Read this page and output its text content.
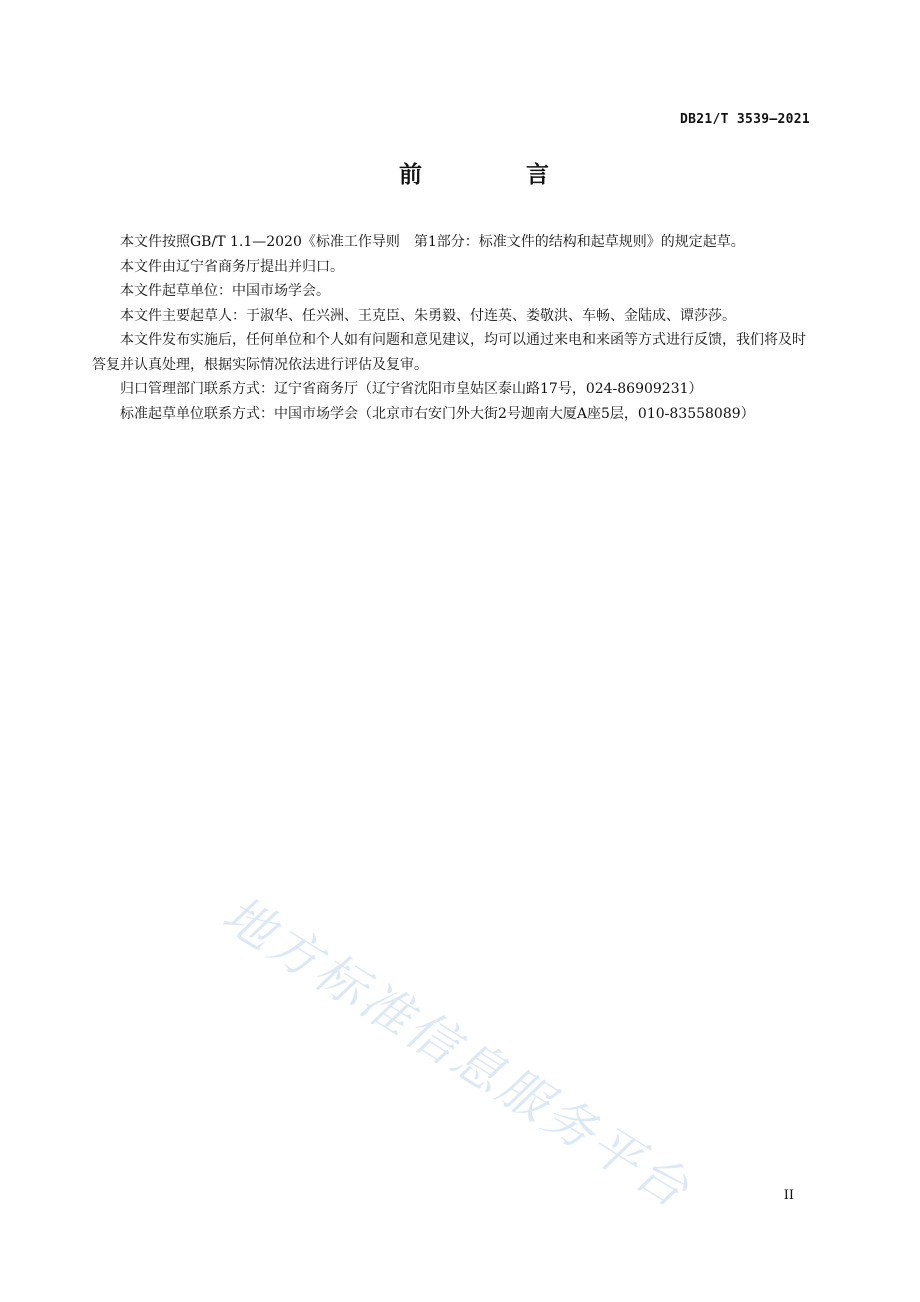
DB21/T 3539—2021
前 言

本文件按照GB/T 1.1—2020《标准工作导则　第1部分：标准文件的结构和起草规则》的规定起草。

本文件由辽宁省商务厅提出并归口。

本文件起草单位：中国市场学会。

本文件主要起草人：于淑华、任兴洲、王克臣、朱勇毅、付连英、娄敬洪、车畅、金陆成、谭莎莎。

本文件发布实施后，任何单位和个人如有问题和意见建议，均可以通过来电和来函等方式进行反馈，我们将及时答复并认真处理，根据实际情况依法进行评估及复审。

归口管理部门联系方式：辽宁省商务厅（辽宁省沈阳市皇姑区泰山路17号，024-86909231）

标准起草单位联系方式：中国市场学会（北京市右安门外大街2号迦南大厦A座5层，010-83558089）

地方标准信息服务平台	II
